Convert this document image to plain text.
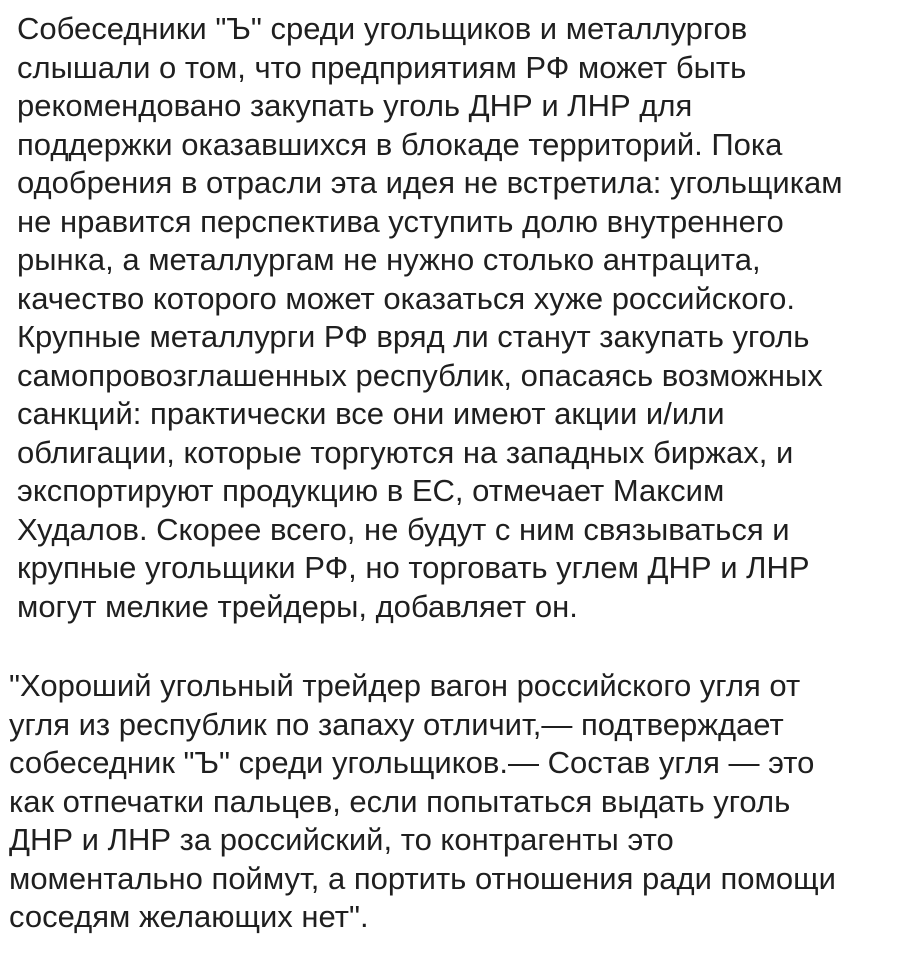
Собеседники "Ъ" среди угольщиков и металлургов
слышали о том, что предприятиям РФ может быть
рекомендовано закупать уголь ДНР и ЛНР для
поддержки оказавшихся в блокаде территорий. Пока
одобрения в отрасли эта идея не встретила: угольщикам
не нравится перспектива уступить долю внутреннего
рынка, а металлургам не нужно столько антрацита,
качество которого может оказаться хуже российского.
Крупные металлурги РФ вряд ли станут закупать уголь
самопровозглашенных республик, опасаясь возможных
санкций: практически все они имеют акции и/или
облигации, которые торгуются на западных биржах, и
экспортируют продукцию в ЕС, отмечает Максим
Худалов. Скорее всего, не будут с ним связываться и
крупные угольщики РФ, но торговать углем ДНР и ЛНР
могут мелкие трейдеры, добавляет он.

"Хороший угольный трейдер вагон российского угля от
угля из республик по запаху отличит,— подтверждает
собеседник "Ъ" среди угольщиков.— Состав угля — это
как отпечатки пальцев, если попытаться выдать уголь
ДНР и ЛНР за российский, то контрагенты это
моментально поймут, а портить отношения ради помощи
соседям желающих нет".
